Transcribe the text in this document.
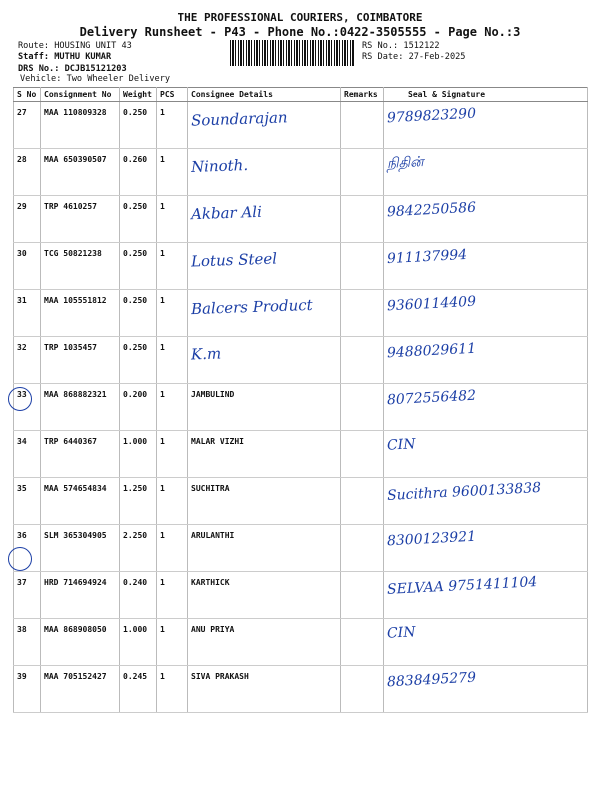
THE PROFESSIONAL COURIERS, COIMBATORE
Delivery Runsheet - P43 - Phone No.:0422-3505555 - Page No.:3
Route: HOUSING UNIT 43
Staff: MUTHU KUMAR
DRS No.: DCJB15121203
Vehicle: Two Wheeler Delivery
RS No.: 1512122
RS Date: 27-Feb-2025
S No	Consignment No	Weight	PCS	Consignee Details	Remarks	Seal & Signature
27	MAA 110809328	0.250	1	Soundarajan		9789823290
28	MAA 650390507	0.260	1	Ninoth.		நிதின்
29	TRP 4610257	0.250	1	Akbar Ali		9842250586
30	TCG 50821238	0.250	1	Lotus Steel		911137994
31	MAA 105551812	0.250	1	Balcers Product		9360114409
32	TRP 1035457	0.250	1	K.m		9488029611
33	MAA 868882321	0.200	1	JAMBULIND		8072556482
34	TRP 6440367	1.000	1	MALAR VIZHI		CIN
35	MAA 574654834	1.250	1	SUCHITRA		Sucithra 9600133838
36	SLM 365304905	2.250	1	ARULANTHI		8300123921
37	HRD 714694924	0.240	1	KARTHICK		SELVAA 9751411104
38	MAA 868908050	1.000	1	ANU PRIYA		CIN
39	MAA 705152427	0.245	1	SIVA PRAKASH		8838495279
